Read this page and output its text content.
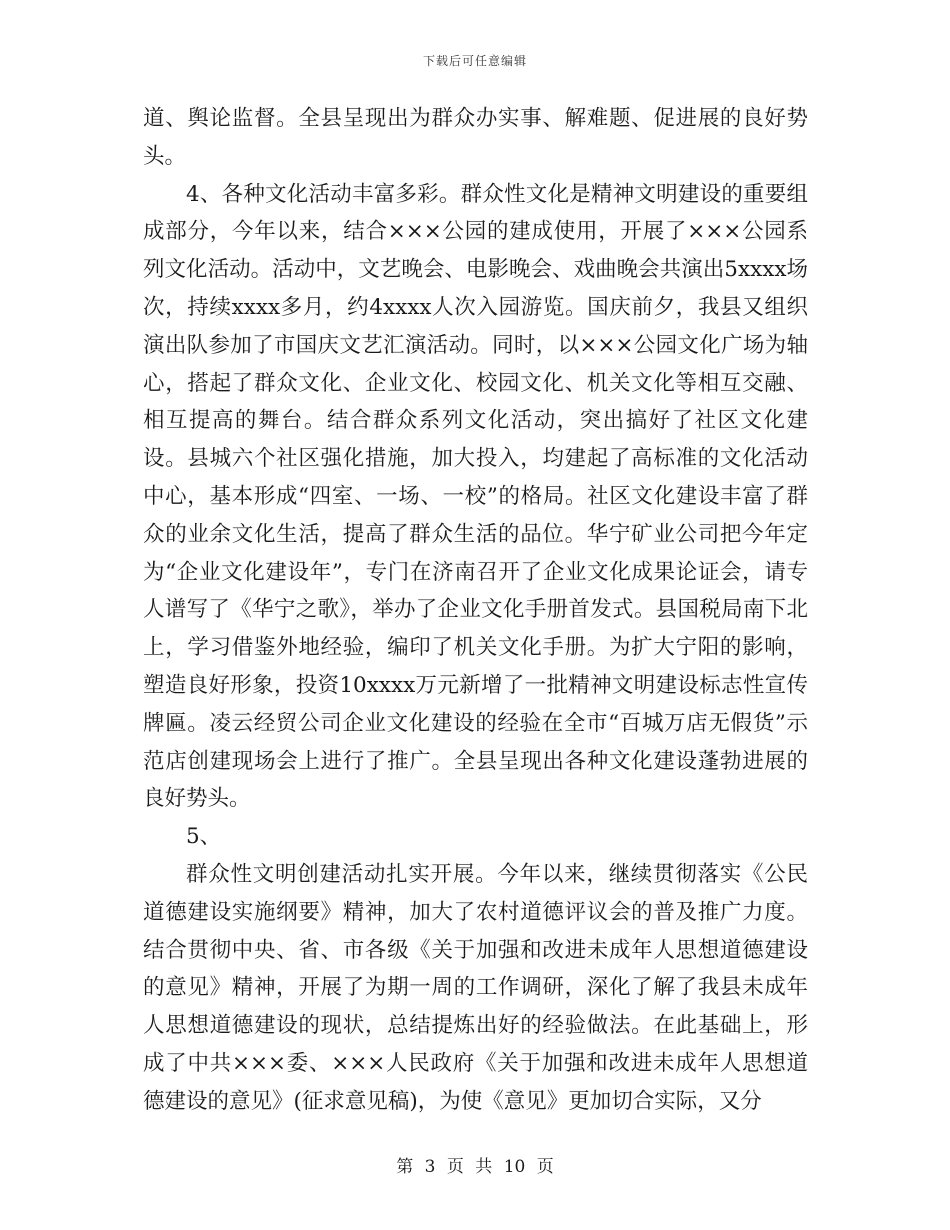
下载后可任意编辑

道、舆论监督。全县呈现出为群众办实事、解难题、促进展的良好势头。

4、各种文化活动丰富多彩。群众性文化是精神文明建设的重要组成部分，今年以来，结合×××公园的建成使用，开展了×××公园系列文化活动。活动中，文艺晚会、电影晚会、戏曲晚会共演出5xxxx场次，持续xxxx多月，约4xxxx人次入园游览。国庆前夕，我县又组织演出队参加了市国庆文艺汇演活动。同时，以×××公园文化广场为轴心，搭起了群众文化、企业文化、校园文化、机关文化等相互交融、相互提高的舞台。结合群众系列文化活动，突出搞好了社区文化建设。县城六个社区强化措施，加大投入，均建起了高标准的文化活动中心，基本形成“四室、一场、一校”的格局。社区文化建设丰富了群众的业余文化生活，提高了群众生活的品位。华宁矿业公司把今年定为“企业文化建设年”，专门在济南召开了企业文化成果论证会，请专人谱写了《华宁之歌》，举办了企业文化手册首发式。县国税局南下北上，学习借鉴外地经验，编印了机关文化手册。为扩大宁阳的影响，塑造良好形象，投资10xxxx万元新增了一批精神文明建设标志性宣传牌匾。凌云经贸公司企业文化建设的经验在全市“百城万店无假货”示范店创建现场会上进行了推广。全县呈现出各种文化建设蓬勃进展的良好势头。

5、

群众性文明创建活动扎实开展。今年以来，继续贯彻落实《公民道德建设实施纲要》精神，加大了农村道德评议会的普及推广力度。结合贯彻中央、省、市各级《关于加强和改进未成年人思想道德建设的意见》精神，开展了为期一周的工作调研，深化了解了我县未成年人思想道德建设的现状，总结提炼出好的经验做法。在此基础上，形成了中共×××委、×××人民政府《关于加强和改进未成年人思想道德建设的意见》(征求意见稿)，为使《意见》更加切合实际，又分

第 3 页 共 10 页
